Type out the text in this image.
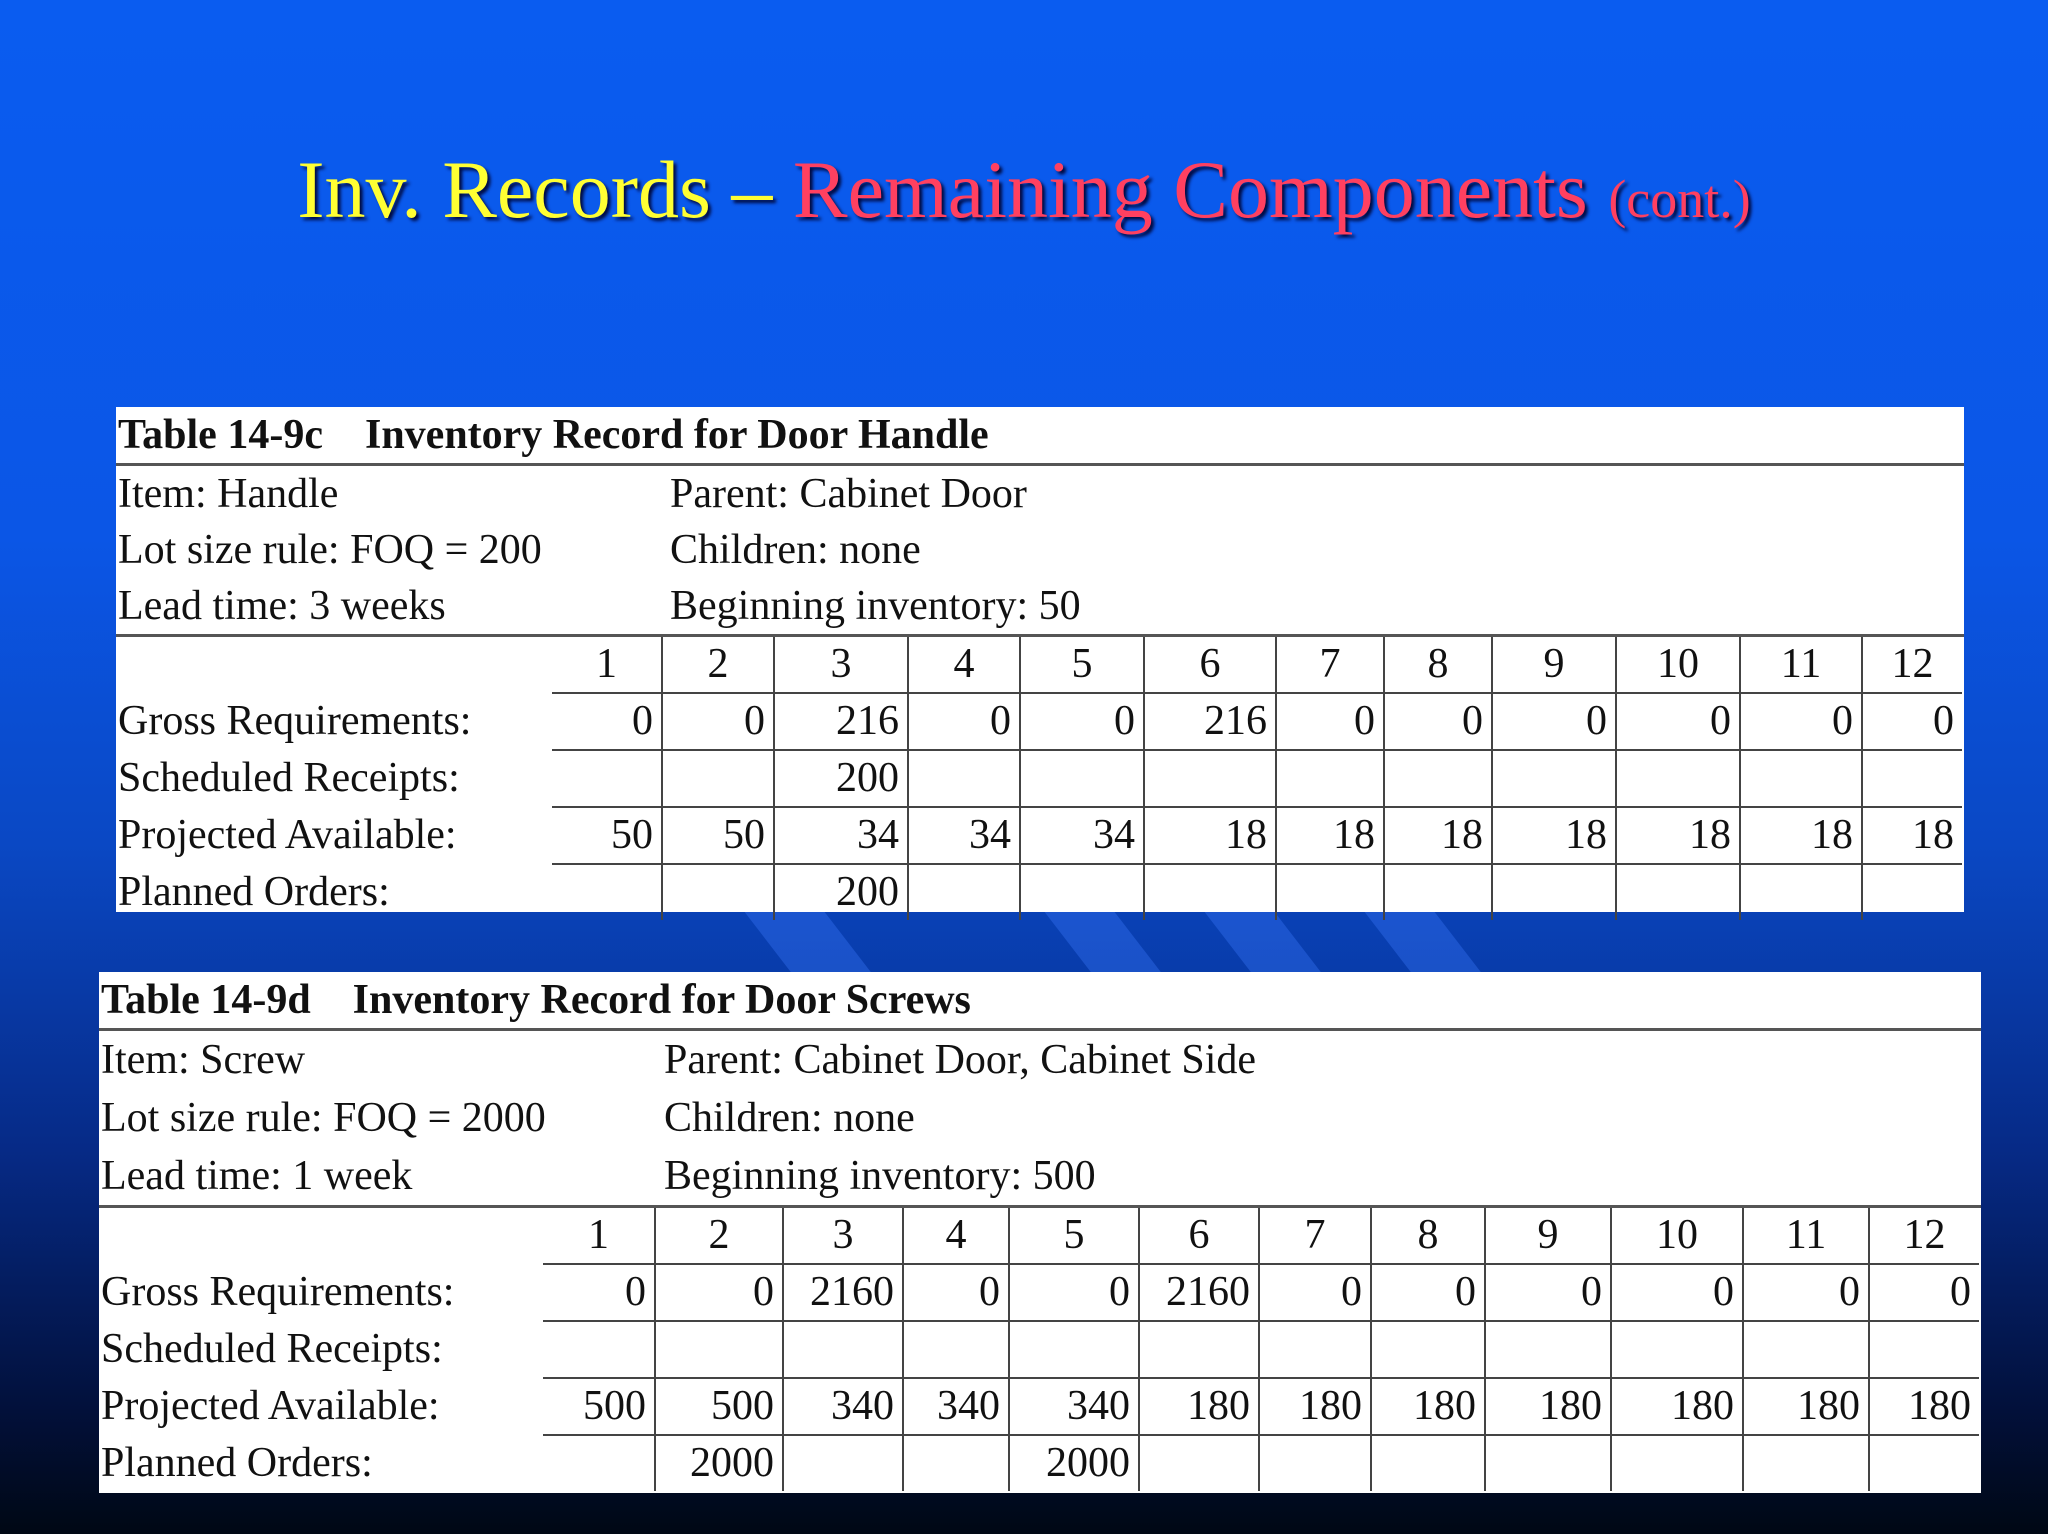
Inv. Records – Remaining Components (cont.)
Table 14-9c Inventory Record for Door Handle
Item: Handle	Parent: Cabinet Door
Lot size rule: FOQ = 200	Children: none
Lead time: 3 weeks	Beginning inventory: 50
	1	2	3	4	5	6	7	8	9	10	11	12
Gross Requirements:	0	0	216	0	0	216	0	0	0	0	0	0
Scheduled Receipts:			200									
Projected Available:	50	50	34	34	34	18	18	18	18	18	18	18
Planned Orders:			200									
Table 14-9d Inventory Record for Door Screws
Item: Screw	Parent: Cabinet Door, Cabinet Side
Lot size rule: FOQ = 2000	Children: none
Lead time: 1 week	Beginning inventory: 500
	1	2	3	4	5	6	7	8	9	10	11	12
Gross Requirements:	0	0	2160	0	0	2160	0	0	0	0	0	0
Scheduled Receipts:												
Projected Available:	500	500	340	340	340	180	180	180	180	180	180	180
Planned Orders:		2000			2000							
